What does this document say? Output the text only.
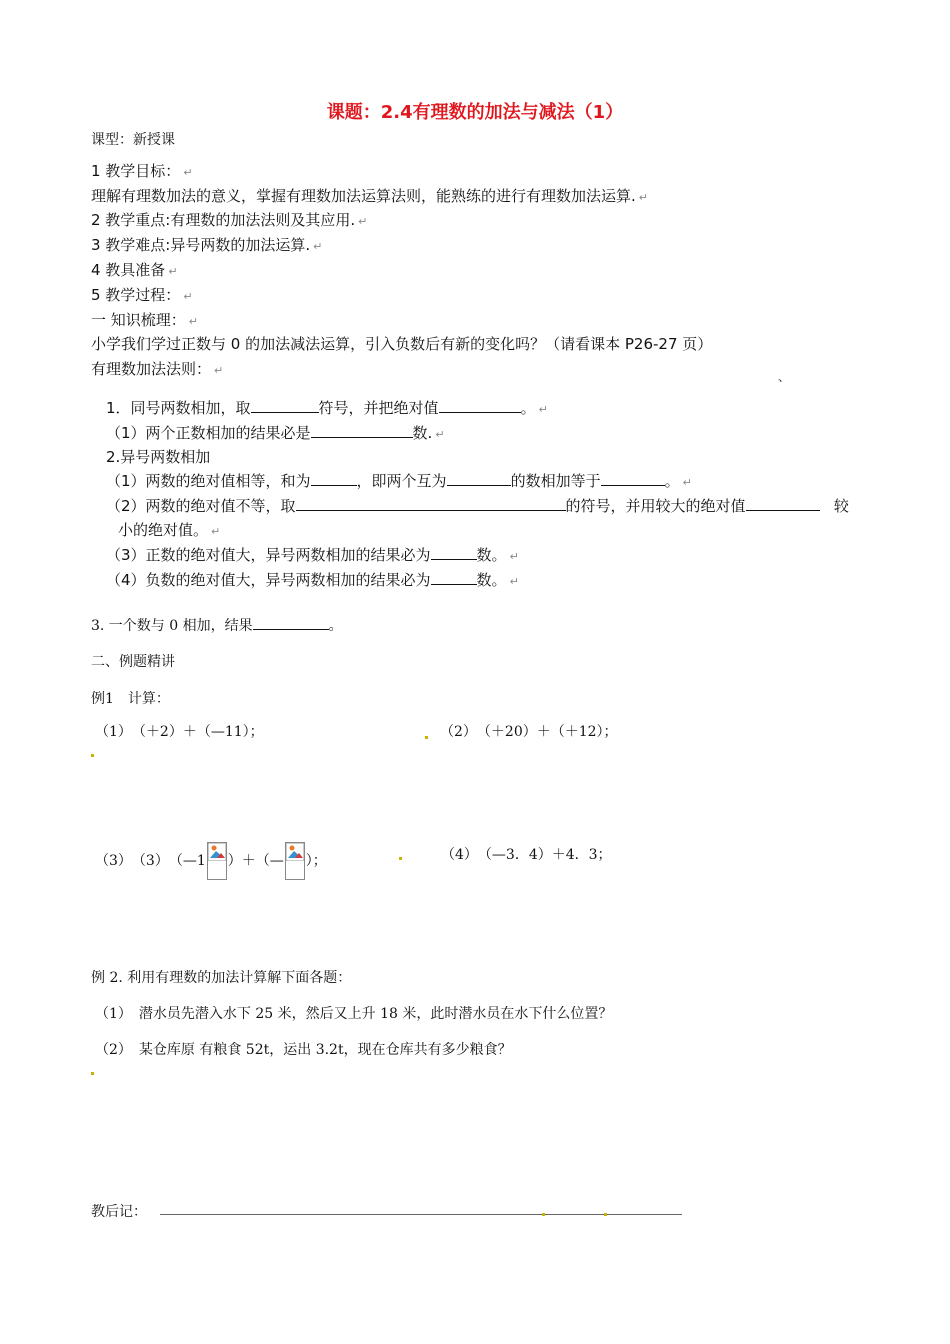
课题：2.4有理数的加法与减法（1）
课型：新授课
1 教学目标： ↵
理解有理数加法的意义，掌握有理数加法运算法则，能熟练的进行有理数加法运算. ↵
2 教学重点:有理数的加法法则及其应用. ↵
3 教学难点:异号两数的加法运算. ↵
4 教具准备 ↵
5 教学过程： ↵
一 知识梳理： ↵
小学我们学过正数与 0 的加法减法运算，引入负数后有新的变化吗？（请看课本 P26-27 页）
有理数加法法则： ↵	、
1．同号两数相加，取	符号，并把绝对值	。 ↵
（1）两个正数相加的结果必是	数. ↵
2.异号两数相加
（1）两数的绝对值相等，和为	，即两个互为	的数相加等于	。 ↵
（2）两数的绝对值不等，取	的符号，并用较大的绝对值	较
小的绝对值。 ↵
（3）正数的绝对值大，异号两数相加的结果必为	数。 ↵
（4）负数的绝对值大，异号两数相加的结果必为	数。 ↵
3. 一个数与 0 相加，结果	。
二、例题精讲
例1　计算：
（1）　（＋2）＋（—11）；	（2）　（＋20）＋（＋12）；
（3）　（3）　（—1 ）＋（— ）；	（4）　（—3．4）＋4．3；
例 2. 利用有理数的加法计算解下面各题：
（1）　潜水员先潜入水下 25 米，然后又上升 18 米，此时潜水员在水下什么位置？
（2）　某仓库原 有粮食 52t，运出 3.2t，现在仓库共有多少粮食？
教后记：
